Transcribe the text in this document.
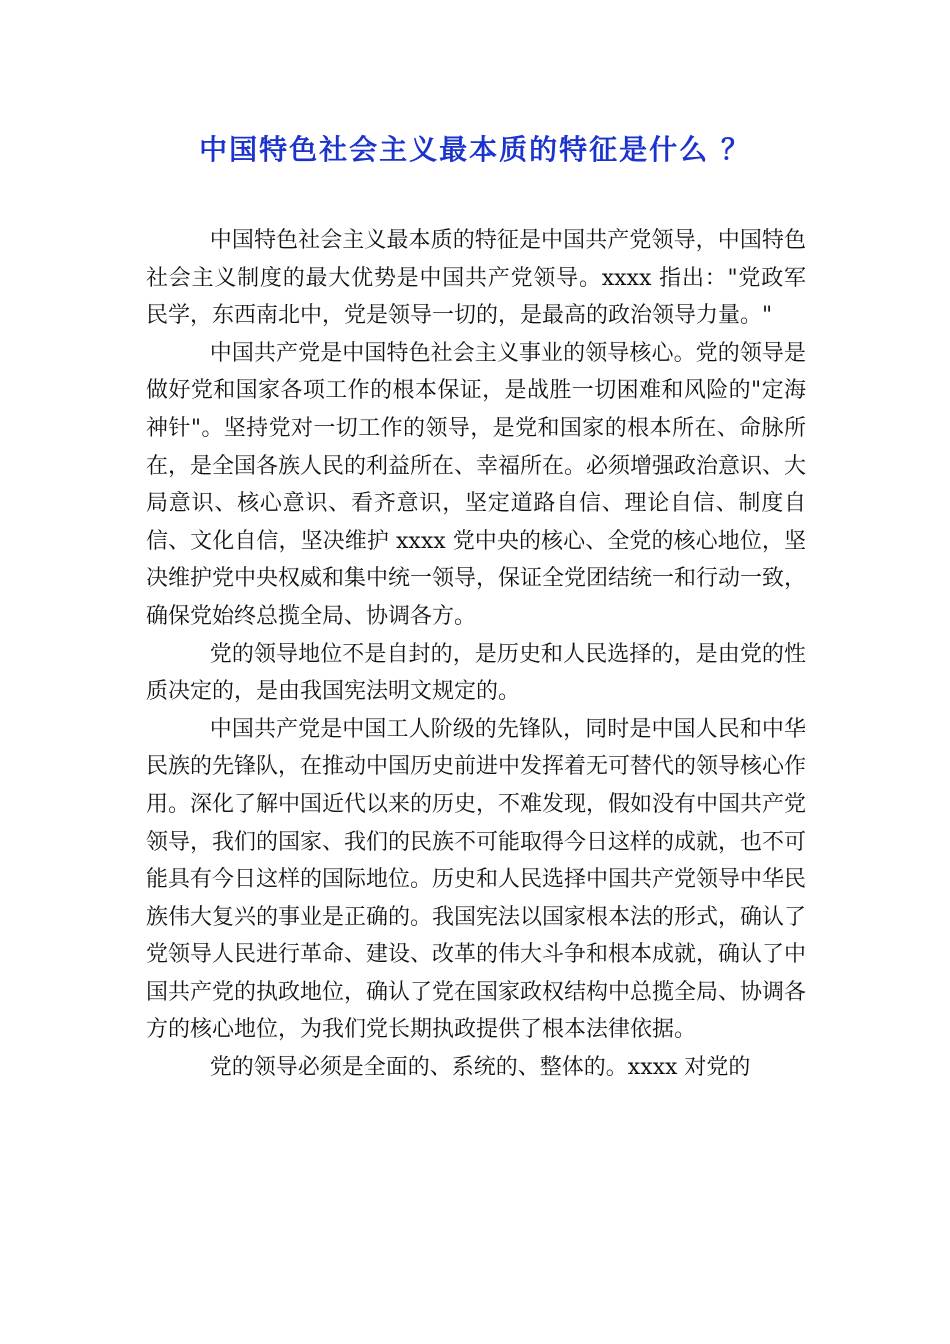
中国特色社会主义最本质的特征是什么 ？

中国特色社会主义最本质的特征是中国共产党领导，中国特色社会主义制度的最大优势是中国共产党领导。xxxx 指出："党政军民学，东西南北中，党是领导一切的，是最高的政治领导力量。"

中国共产党是中国特色社会主义事业的领导核心。党的领导是做好党和国家各项工作的根本保证，是战胜一切困难和风险的"定海神针"。坚持党对一切工作的领导，是党和国家的根本所在、命脉所在，是全国各族人民的利益所在、幸福所在。必须增强政治意识、大局意识、核心意识、看齐意识，坚定道路自信、理论自信、制度自信、文化自信，坚决维护 xxxx 党中央的核心、全党的核心地位，坚决维护党中央权威和集中统一领导，保证全党团结统一和行动一致，确保党始终总揽全局、协调各方。

党的领导地位不是自封的，是历史和人民选择的，是由党的性质决定的，是由我国宪法明文规定的。

中国共产党是中国工人阶级的先锋队，同时是中国人民和中华民族的先锋队，在推动中国历史前进中发挥着无可替代的领导核心作用。深化了解中国近代以来的历史，不难发现，假如没有中国共产党领导，我们的国家、我们的民族不可能取得今日这样的成就，也不可能具有今日这样的国际地位。历史和人民选择中国共产党领导中华民族伟大复兴的事业是正确的。我国宪法以国家根本法的形式，确认了党领导人民进行革命、建设、改革的伟大斗争和根本成就，确认了中国共产党的执政地位，确认了党在国家政权结构中总揽全局、协调各方的核心地位，为我们党长期执政提供了根本法律依据。

党的领导必须是全面的、系统的、整体的。xxxx 对党的
